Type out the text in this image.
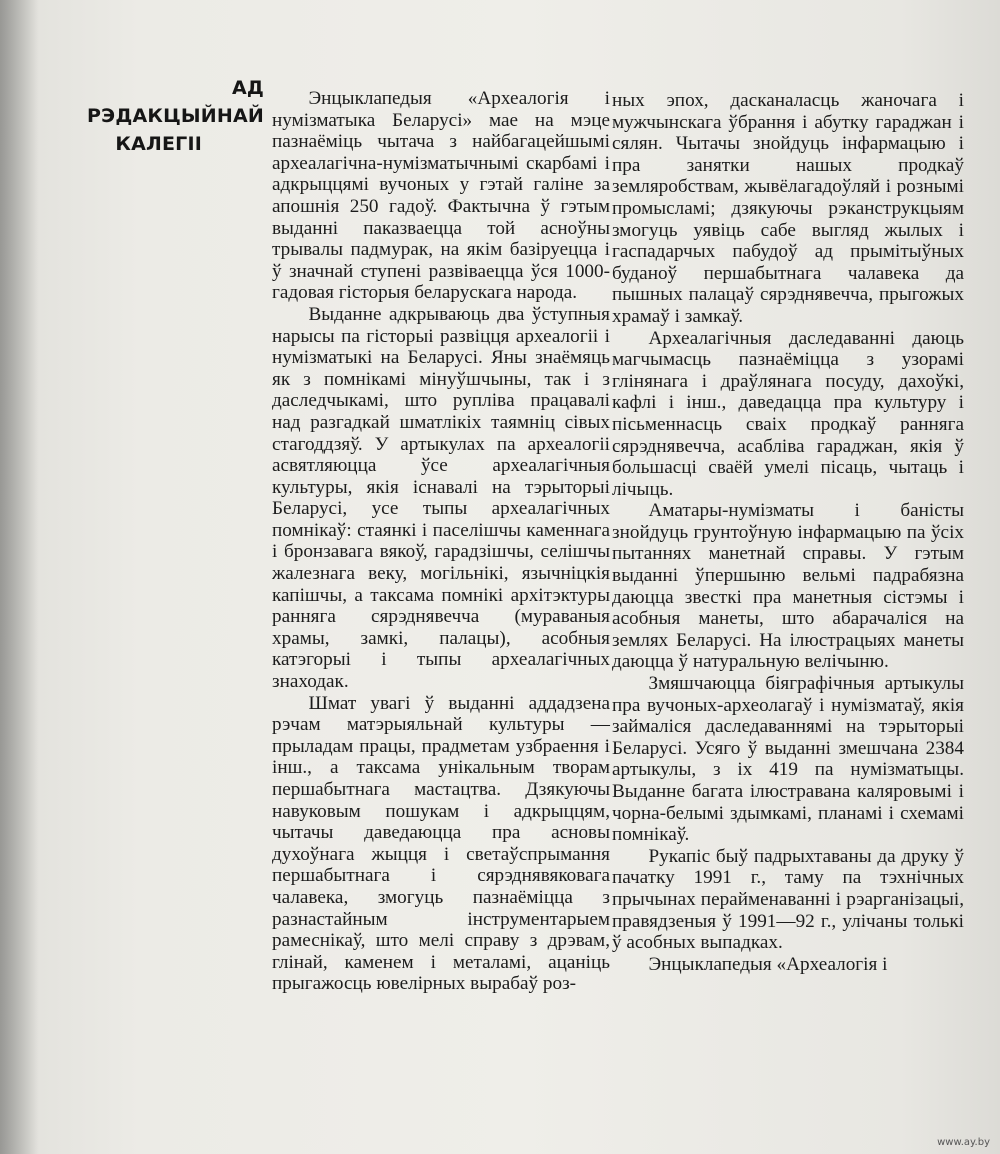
АД РЭДАКЦЫЙНАЙ
КАЛЕГІІ

Энцыклапедыя «Археалогія і нумізматыка Беларусі» мае на мэце пазнаёміць чытача з найбагацейшымі археалагічна-нумізматычнымі скарбамі і адкрыццямі вучоных у гэтай галіне за апошнія 250 гадоў. Фактычна ў гэтым выданні паказваецца той асноўны трывалы падмурак, на якім базіруецца і ў значнай ступені развіваецца ўся 1000-гадовая гісторыя беларускага народа.

Выданне адкрываюць два ўступныя нарысы па гісторыі развіцця археалогіі і нумізматыкі на Беларусі. Яны знаёмяць як з помнікамі мінуўшчыны, так і з даследчыкамі, што руплівa працавалі над разгадкай шматлікіх таямніц сівых стагоддзяў. У артыкулах па археалогіі асвятляюцца ўсе археалагічныя культуры, якія існавалі на тэрыторыі Беларусі, усе тыпы археалагічных помнікаў: стаянкі і паселішчы каменнага і бронзавага вякоў, гарадзішчы, селішчы жалезнага веку, могільнікі, язычніцкія капішчы, а таксама помнікі архітэктуры ранняга сярэднявечча (мураваныя храмы, замкі, палацы), асобныя катэгорыі і тыпы археалагічных знаходак.

Шмат увагі ў выданні аддадзена рэчам матэрыяльнай культуры — прыладам працы, прадметам узбраення і інш., а таксама унікальным творам першабытнага мастацтва. Дзякуючы навуковым пошукам і адкрыццям, чытачы даведаюцца пра асновы духоўнага жыцця і светаўспрымання першабытнага і сярэднявяковага чалавека, змогуць пазнаёміцца з разнастайным інструментарыем рамеснікаў, што мелі справу з дрэвам, глінай, каменем і металамі, ацаніць прыгажосць ювелірных вырабаў роз-

ных эпох, дасканаласць жаночага і мужчынскага ўбрання і абутку гараджан і сялян. Чытачы знойдуць інфармацыю і пра занятки нашых продкаў земляробствам, жывёлагадоўляй і рознымі промысламі; дзякуючы рэканструкцыям змогуць уявіць сабе выгляд жылых і гаспадарчых пабудоў ад прымітыўных буданоў першабытнага чалавека да пышных палацаў сярэднявечча, прыгожых храмаў і замкаў.

Археалагічныя даследаванні даюць магчымасць пазнаёміцца з узорамі глінянага і драўлянага посуду, дахоўкі, кафлі і інш., даведацца пра культуру і пісьменнасць сваіх продкаў ранняга сярэднявечча, асабліва гараджан, якія ў большасці сваёй умелі пісаць, чытаць і лічыць.

Аматары-нумізматы і баністы знойдуць грунтоўную інфармацыю па ўсіх пытаннях манетнай справы. У гэтым выданні ўпершыню вельмі падрабязна даюцца звесткі пра манетныя сістэмы і асобныя манеты, што абарачаліся на землях Беларусі. На ілюстрацыях манеты даюцца ў натуральную велічыню.

Змяшчаюцца біяграфічныя артыкулы пра вучоных-археолагаў і нумізматаў, якія займаліся даследаваннямі на тэрыторыі Беларусі. Усяго ў выданні змешчана 2384 артыкулы, з іх 419 па нумізматыцы. Выданне багата ілюстравана каляровымі і чорна-белымі здымкамі, планамі і схемамі помнікаў.

Рукапіс быў падрыхтаваны да друку ў пачатку 1991 г., таму па тэхнічных прычынах перайменаванні і рэарганізацыі, правядзеныя ў 1991—92 г., улічаны толькі ў асобных выпадках.

Энцыклапедыя «Археалогія і

www.ay.by
